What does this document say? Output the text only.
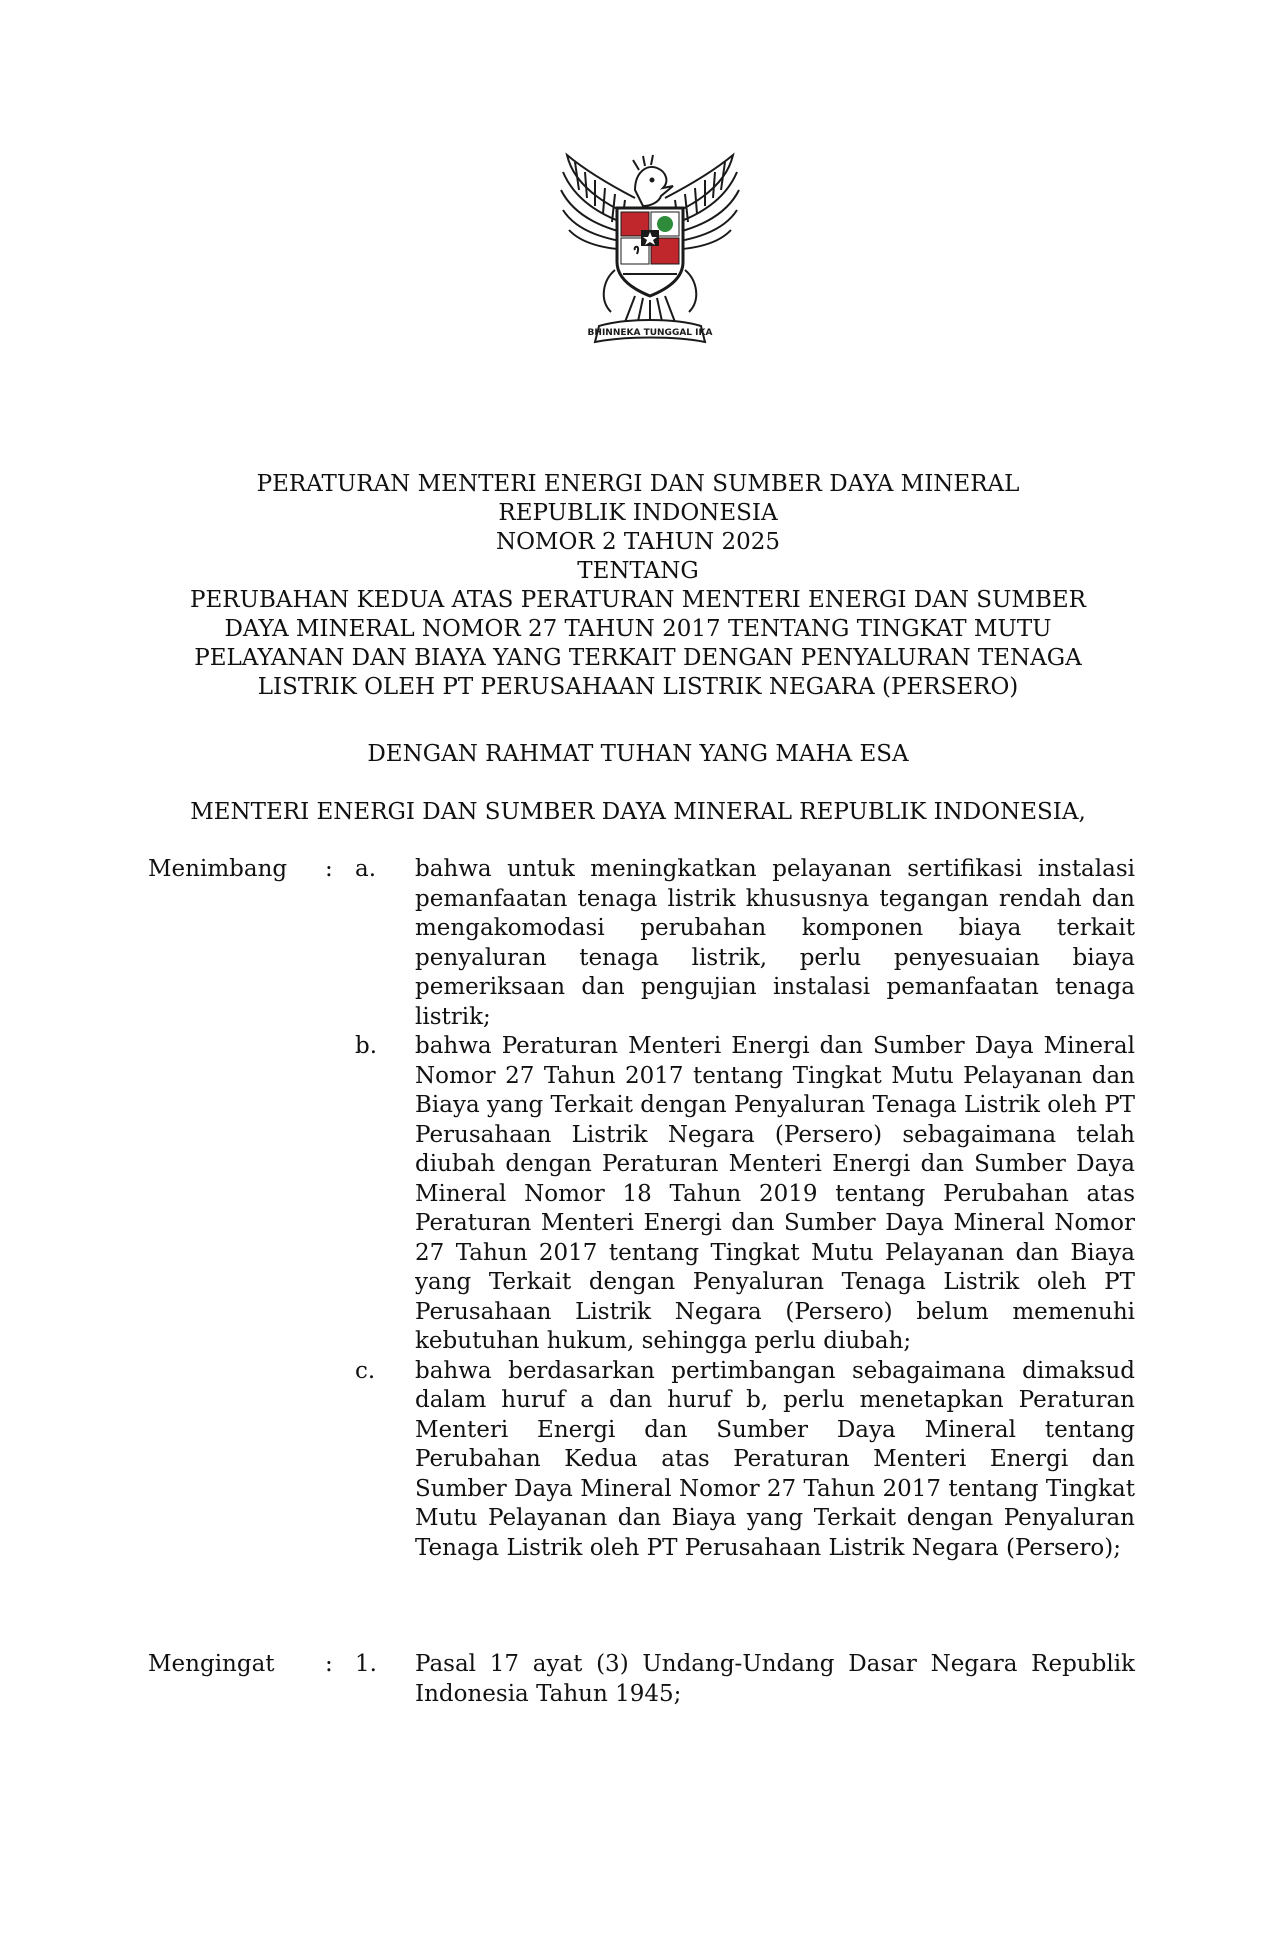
BHINNEKA TUNGGAL IKA
PERATURAN MENTERI ENERGI DAN SUMBER DAYA MINERAL
REPUBLIK INDONESIA
NOMOR 2 TAHUN 2025
TENTANG
PERUBAHAN KEDUA ATAS PERATURAN MENTERI ENERGI DAN SUMBER
DAYA MINERAL NOMOR 27 TAHUN 2017 TENTANG TINGKAT MUTU
PELAYANAN DAN BIAYA YANG TERKAIT DENGAN PENYALURAN TENAGA
LISTRIK OLEH PT PERUSAHAAN LISTRIK NEGARA (PERSERO)
DENGAN RAHMAT TUHAN YANG MAHA ESA
MENTERI ENERGI DAN SUMBER DAYA MINERAL REPUBLIK INDONESIA,
Menimbang : a. bahwa untuk meningkatkan pelayanan sertifikasi instalasi pemanfaatan tenaga listrik khususnya tegangan rendah dan mengakomodasi perubahan komponen biaya terkait penyaluran tenaga listrik, perlu penyesuaian biaya pemeriksaan dan pengujian instalasi pemanfaatan tenaga listrik;
b. bahwa Peraturan Menteri Energi dan Sumber Daya Mineral Nomor 27 Tahun 2017 tentang Tingkat Mutu Pelayanan dan Biaya yang Terkait dengan Penyaluran Tenaga Listrik oleh PT Perusahaan Listrik Negara (Persero) sebagaimana telah diubah dengan Peraturan Menteri Energi dan Sumber Daya Mineral Nomor 18 Tahun 2019 tentang Perubahan atas Peraturan Menteri Energi dan Sumber Daya Mineral Nomor 27 Tahun 2017 tentang Tingkat Mutu Pelayanan dan Biaya yang Terkait dengan Penyaluran Tenaga Listrik oleh PT Perusahaan Listrik Negara (Persero) belum memenuhi kebutuhan hukum, sehingga perlu diubah;
c. bahwa berdasarkan pertimbangan sebagaimana dimaksud dalam huruf a dan huruf b, perlu menetapkan Peraturan Menteri Energi dan Sumber Daya Mineral tentang Perubahan Kedua atas Peraturan Menteri Energi dan Sumber Daya Mineral Nomor 27 Tahun 2017 tentang Tingkat Mutu Pelayanan dan Biaya yang Terkait dengan Penyaluran Tenaga Listrik oleh PT Perusahaan Listrik Negara (Persero);
Mengingat : 1. Pasal 17 ayat (3) Undang-Undang Dasar Negara Republik Indonesia Tahun 1945;
